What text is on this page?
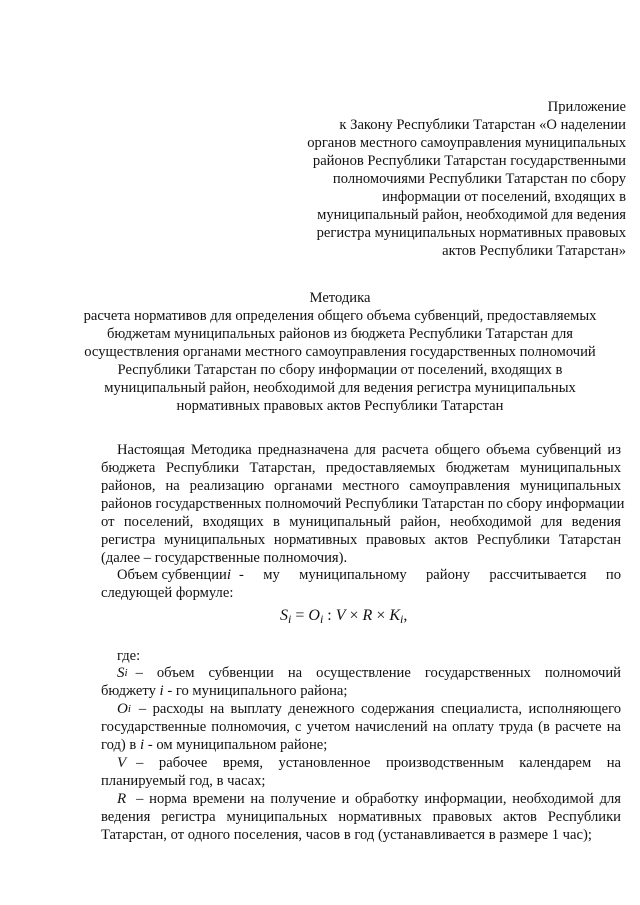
Приложение
к Закону Республики Татарстан «О наделении
органов местного самоуправления муниципальных
районов Республики Татарстан государственными
полномочиями Республики Татарстан по сбору
информации от поселений, входящих в
муниципальный район, необходимой для ведения
регистра муниципальных нормативных правовых
актов Республики Татарстан»
Методика
расчета нормативов для определения общего объема субвенций, предоставляемых
бюджетам муниципальных районов из бюджета Республики Татарстан для
осуществления органами местного самоуправления государственных полномочий
Республики Татарстан по сбору информации от поселений, входящих в
муниципальный район, необходимой для ведения регистра муниципальных
нормативных правовых актов Республики Татарстан
Настоящая Методика предназначена для расчета общего объема субвенций из
бюджета Республики Татарстан, предоставляемых бюджетам муниципальных
районов, на реализацию органами местного самоуправления муниципальных
районов государственных полномочий Республики Татарстан по сбору информации
от поселений, входящих в муниципальный район, необходимой для ведения
регистра муниципальных нормативных правовых актов Республики Татарстан
(далее – государственные полномочия).
Объем субвенции i - му муниципальному району рассчитывается по
следующей формуле:
$S_i = O_i$ : $V \times R \times K_i$,
где:
S i – объем субвенции на осуществление государственных полномочий
бюджету i - го муниципального района;
O i – расходы на выплату денежного содержания специалиста, исполняющего
государственные полномочия, с учетом начислений на оплату труда (в расчете на
год) в i - ом муниципальном районе;
V – рабочее время, установленное производственным календарем на
планируемый год, в часах;
R – норма времени на получение и обработку информации, необходимой для
ведения регистра муниципальных нормативных правовых актов Республики
Татарстан, от одного поселения, часов в год (устанавливается в размере 1 час);
